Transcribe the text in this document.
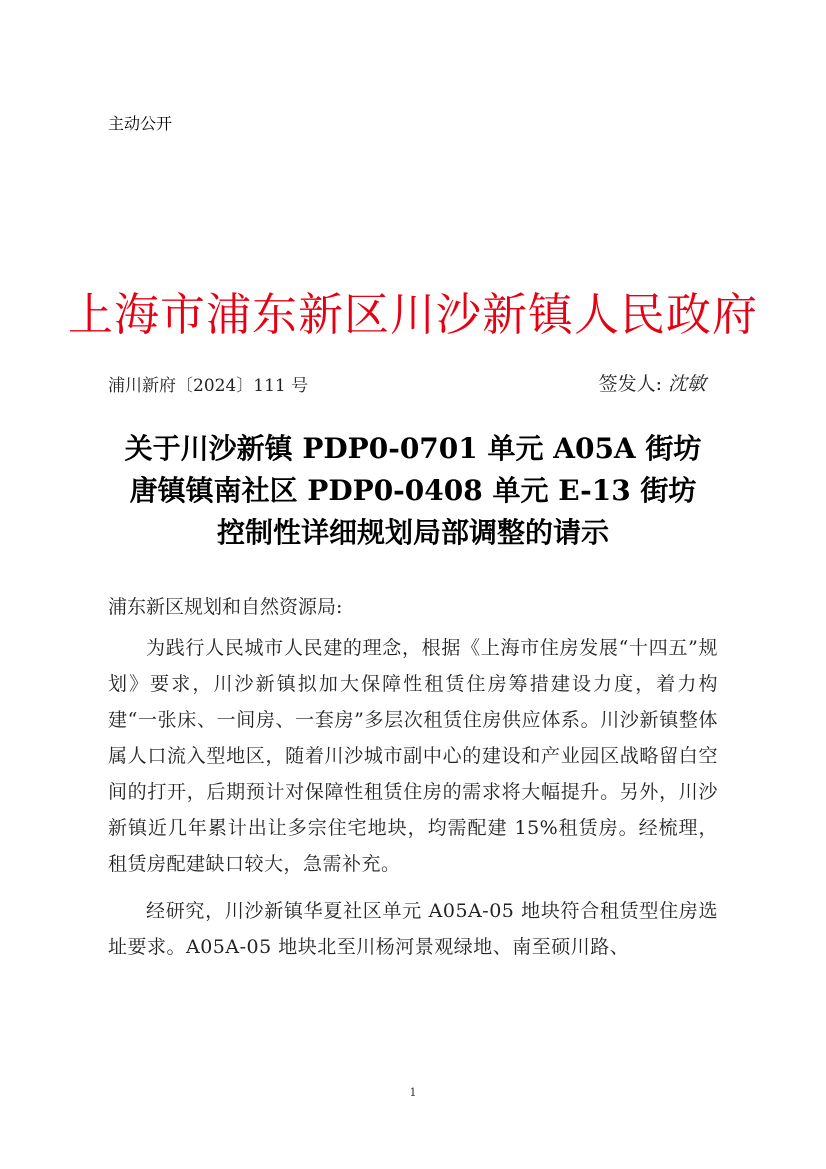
主动公开
上海市浦东新区川沙新镇人民政府
浦川新府〔2024〕111 号	签发人: 沈敏
关于川沙新镇 PDP0-0701 单元 A05A 街坊
唐镇镇南社区 PDP0-0408 单元 E-13 街坊
控制性详细规划局部调整的请示
浦东新区规划和自然资源局:

为践行人民城市人民建的理念，根据《上海市住房发展“十四五”规划》要求，川沙新镇拟加大保障性租赁住房筹措建设力度，着力构建“一张床、一间房、一套房”多层次租赁住房供应体系。川沙新镇整体属人口流入型地区，随着川沙城市副中心的建设和产业园区战略留白空间的打开，后期预计对保障性租赁住房的需求将大幅提升。另外，川沙新镇近几年累计出让多宗住宅地块，均需配建 15%租赁房。经梳理，租赁房配建缺口较大，急需补充。

经研究，川沙新镇华夏社区单元 A05A-05 地块符合租赁型住房选址要求。A05A-05 地块北至川杨河景观绿地、南至硕川路、

1
